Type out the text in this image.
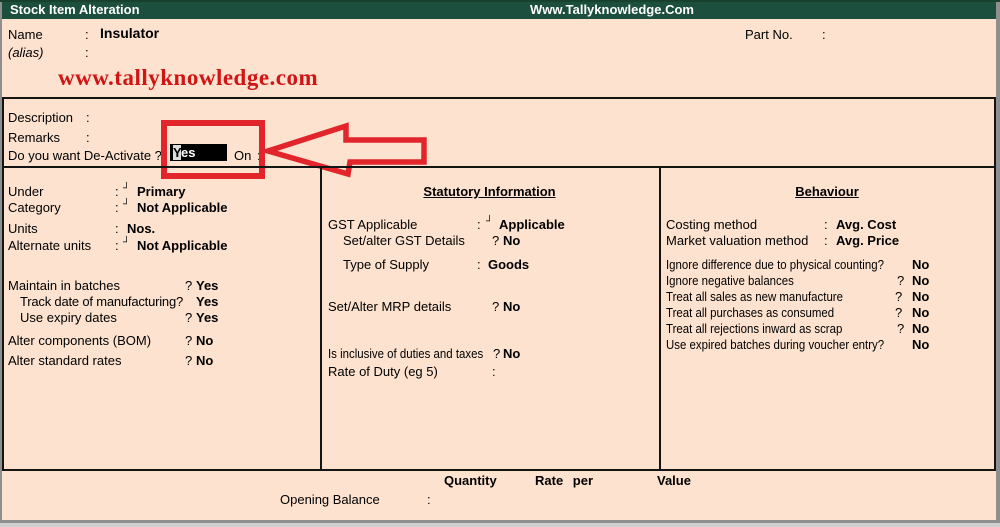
Stock Item Alteration	Www.Tallyknowledge.Com
Name	: Insulator	Part No. :
(alias)	:
www.tallyknowledge.com
Description :
Remarks :
Do you want De-Activate ? Yes	On :
Under	: ┘ Primary
Category	: ┘ Not Applicable
Units	: Nos.
Alternate units : ┘ Not Applicable
Maintain in batches	? Yes
Track date of manufacturing? Yes
Use expiry dates	? Yes
Alter components (BOM)	? No
Alter standard rates	? No
Statutory Information
GST Applicable	: ┘ Applicable
Set/alter GST Details ? No
Type of Supply	: Goods
Set/Alter MRP details	? No
Is inclusive of duties and taxes ? No
Rate of Duty (eg 5)	:
Behaviour
Costing method	: Avg. Cost
Market valuation method : Avg. Price
Ignore difference due to physical counting? No
Ignore negative balances	? No
Treat all sales as new manufacture	? No
Treat all purchases as consumed	? No
Treat all rejections inward as scrap	? No
Use expired batches during voucher entry? No
Quantity	Rate per	Value
Opening Balance	:
